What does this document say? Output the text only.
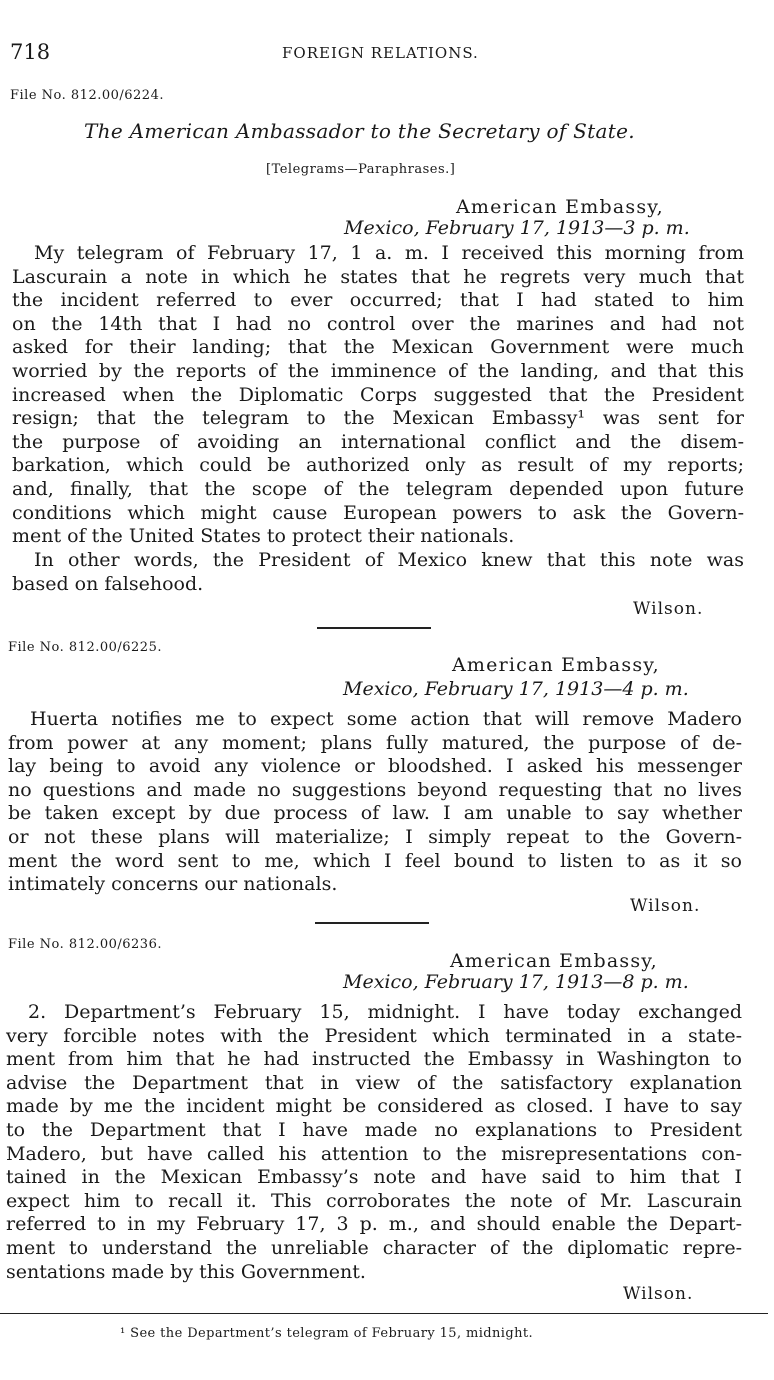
718	FOREIGN RELATIONS.
File No. 812.00/6224.
The American Ambassador to the Secretary of State.
[Telegrams—Paraphrases.]
American Embassy,
Mexico, February 17, 1913—3 p. m.
My telegram of February 17, 1 a. m. I received this morning from
Lascurain a note in which he states that he regrets very much that
the incident referred to ever occurred; that I had stated to him
on the 14th that I had no control over the marines and had not
asked for their landing; that the Mexican Government were much
worried by the reports of the imminence of the landing, and that this
increased when the Diplomatic Corps suggested that the President
resign; that the telegram to the Mexican Embassy¹ was sent for
the purpose of avoiding an international conflict and the disem-
barkation, which could be authorized only as result of my reports;
and, finally, that the scope of the telegram depended upon future
conditions which might cause European powers to ask the Govern-
ment of the United States to protect their nationals.
In other words, the President of Mexico knew that this note was
based on falsehood.
Wilson.
File No. 812.00/6225.
American Embassy,
Mexico, February 17, 1913—4 p. m.
Huerta notifies me to expect some action that will remove Madero
from power at any moment; plans fully matured, the purpose of de-
lay being to avoid any violence or bloodshed. I asked his messenger
no questions and made no suggestions beyond requesting that no lives
be taken except by due process of law. I am unable to say whether
or not these plans will materialize; I simply repeat to the Govern-
ment the word sent to me, which I feel bound to listen to as it so
intimately concerns our nationals.
Wilson.
File No. 812.00/6236.
American Embassy,
Mexico, February 17, 1913—8 p. m.
2. Department’s February 15, midnight. I have today exchanged
very forcible notes with the President which terminated in a state-
ment from him that he had instructed the Embassy in Washington to
advise the Department that in view of the satisfactory explanation
made by me the incident might be considered as closed. I have to say
to the Department that I have made no explanations to President
Madero, but have called his attention to the misrepresentations con-
tained in the Mexican Embassy’s note and have said to him that I
expect him to recall it. This corroborates the note of Mr. Lascurain
referred to in my February 17, 3 p. m., and should enable the Depart-
ment to understand the unreliable character of the diplomatic repre-
sentations made by this Government.
Wilson.
¹ See the Department’s telegram of February 15, midnight.
